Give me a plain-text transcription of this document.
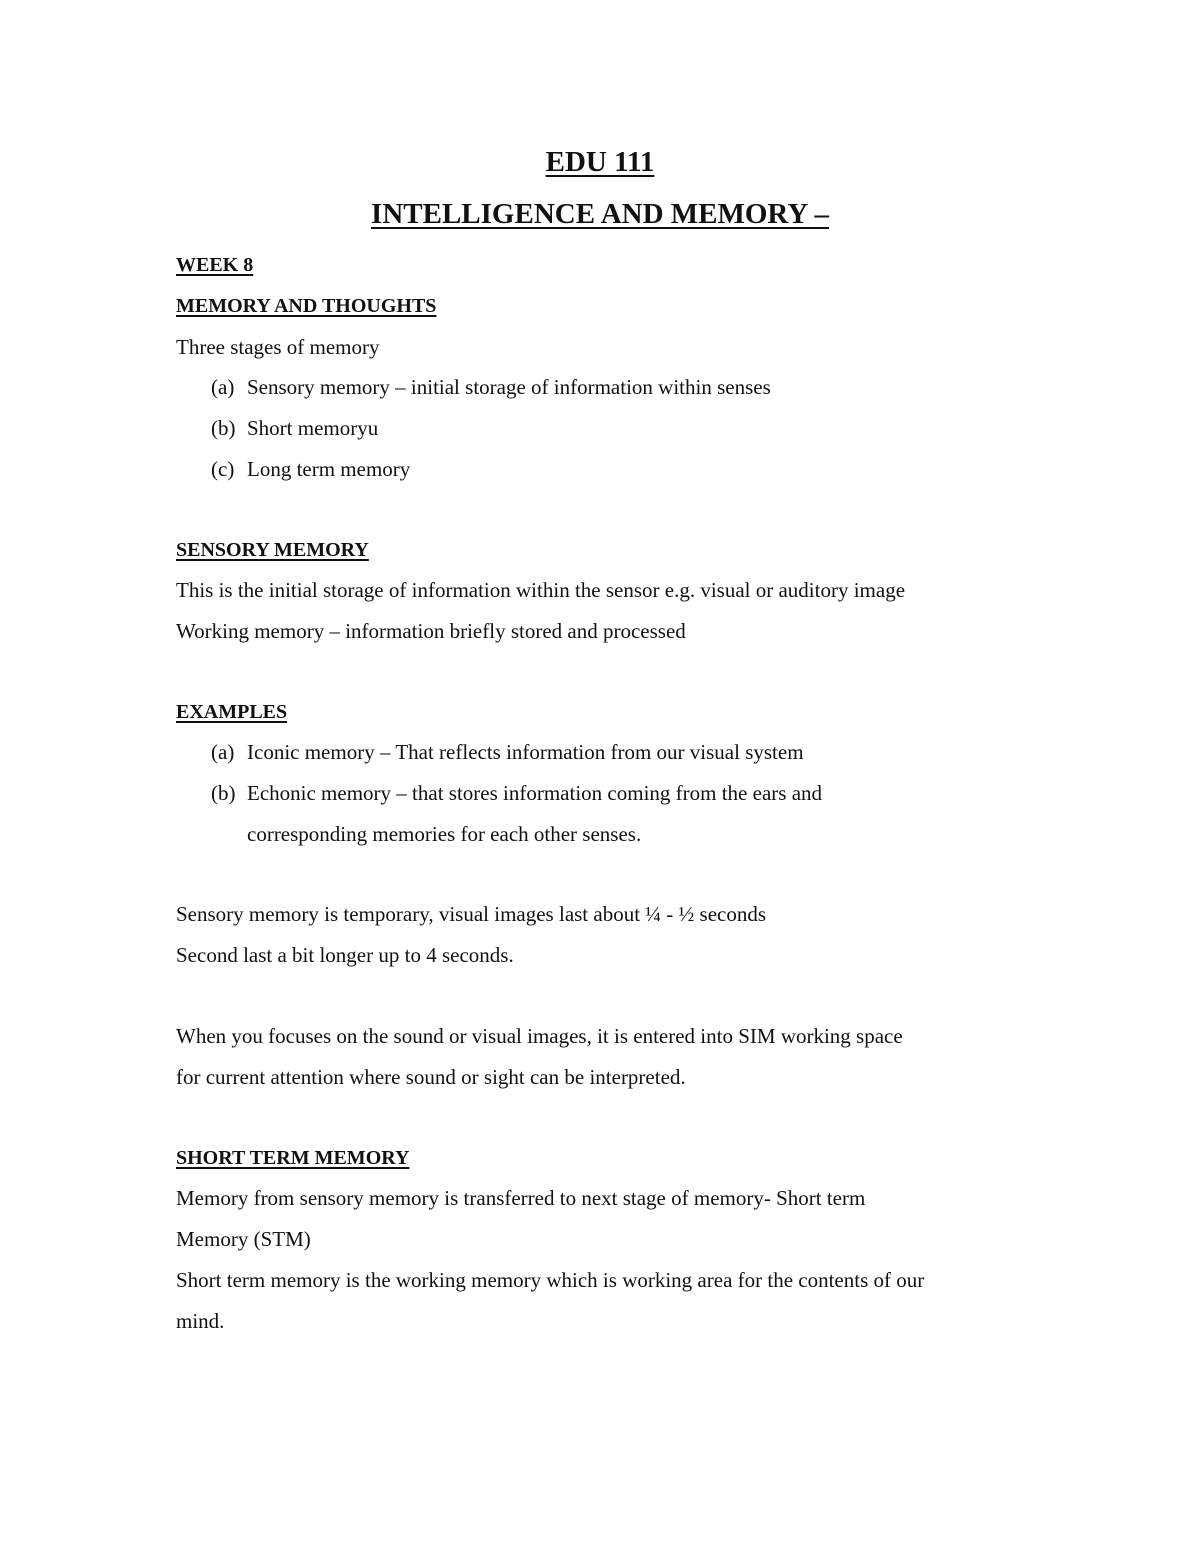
EDU 111
INTELLIGENCE AND MEMORY –
WEEK 8
MEMORY AND THOUGHTS
Three stages of memory
(a) Sensory memory – initial storage of information within senses
(b) Short memoryu
(c) Long term memory
SENSORY MEMORY
This is the initial storage of information within the sensor e.g. visual or auditory image
Working memory – information briefly stored and processed
EXAMPLES
(a) Iconic memory – That reflects information from our visual system
(b) Echonic memory – that stores information coming from the ears and
corresponding memories for each other senses.
Sensory memory is temporary, visual images last about ¼ - ½ seconds
Second last a bit longer up to 4 seconds.
When you focuses on the sound or visual images, it is entered into SIM working space
for current attention where sound or sight can be interpreted.
SHORT TERM MEMORY
Memory from sensory memory is transferred to next stage of memory- Short term
Memory (STM)
Short term memory is the working memory which is working area for the contents of our
mind.
